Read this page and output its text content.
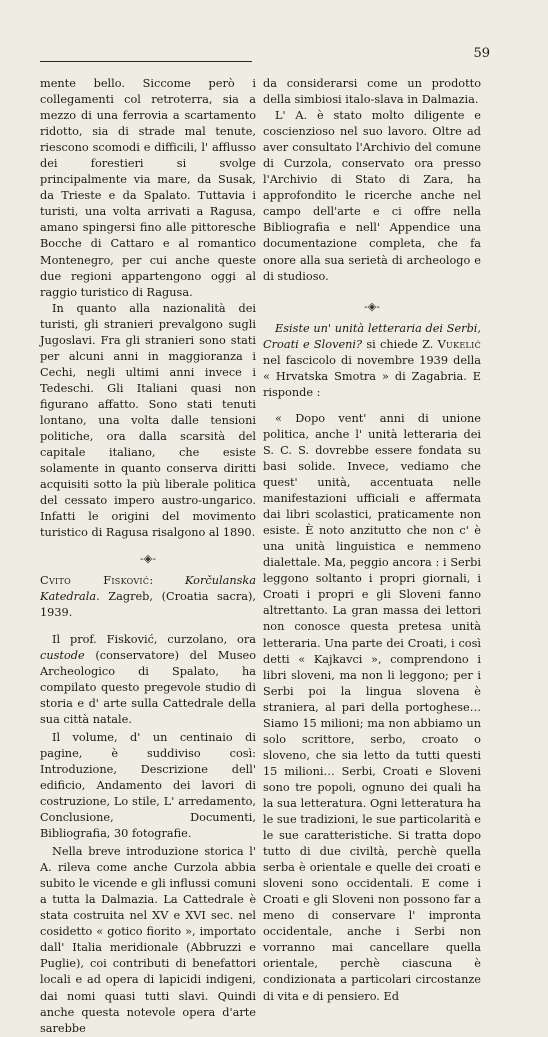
59

mente bello. Siccome però i collegamenti col retroterra, sia a mezzo di una ferrovia a scartamento ridotto, sia di strade mal tenute, riescono scomodi e difficili, l' afflusso dei forestieri si svolge principalmente via mare, da Susak, da Trieste e da Spalato. Tuttavia i turisti, una volta arrivati a Ragusa, amano spingersi fino alle pittoresche Bocche di Cattaro e al romantico Montenegro, per cui anche queste due regioni appartengono oggi al raggio turistico di Ragusa.

In quanto alla nazionalità dei turisti, gli stranieri prevalgono sugli Jugoslavi. Fra gli stranieri sono stati per alcuni anni in maggioranza i Cechi, negli ultimi anni invece i Tedeschi. Gli Italiani quasi non figurano affatto. Sono stati tenuti lontano, una volta dalle tensioni politiche, ora dalla scarsità del capitale italiano, che esiste solamente in quanto conserva diritti acquisiti sotto la più liberale politica del cessato impero austro-ungarico. Infatti le origini del movimento turistico di Ragusa risalgono al 1890.

-◈-

Cvito Fisković: Korčulanska Katedrala. Zagreb, (Croatia sacra), 1939.

Il prof. Fisković, curzolano, ora custode (conservatore) del Museo Archeologico di Spalato, ha compilato questo pregevole studio di storia e d' arte sulla Cattedrale della sua città natale.

Il volume, d' un centinaio di pagine, è suddiviso così: Introduzione, Descrizione dell' edificio, Andamento dei lavori di costruzione, Lo stile, L' arredamento, Conclusione, Documenti, Bibliografia, 30 fotografie.

Nella breve introduzione storica l' A. rileva come anche Curzola abbia subito le vicende e gli influssi comuni a tutta la Dalmazia. La Cattedrale è stata costruita nel XV e XVI sec. nel cosidetto « gotico fiorito », importato dall' Italia meridionale (Abbruzzi e Puglie), coi contributi di benefattori locali e ad opera di lapicidi indigeni, dai nomi quasi tutti slavi. Quindi anche questa notevole opera d'arte sarebbe

da considerarsi come un prodotto della simbiosi italo-slava in Dalmazia.

L' A. è stato molto diligente e coscienzioso nel suo lavoro. Oltre ad aver consultato l'Archivio del comune di Curzola, conservato ora presso l'Archivio di Stato di Zara, ha approfondito le ricerche anche nel campo dell'arte e ci offre nella Bibliografia e nell' Appendice una documentazione completa, che fa onore alla sua serietà di archeologo e di studioso.

-◈-

Esiste un' unità letteraria dei Serbi, Croati e Sloveni? si chiede Z. Vukelić nel fascicolo di novembre 1939 della « Hrvatska Smotra » di Zagabria. E risponde :

« Dopo vent' anni di unione politica, anche l' unità letteraria dei S. C. S. dovrebbe essere fondata su basi solide. Invece, vediamo che quest' unità, accentuata nelle manifestazioni ufficiali e affermata dai libri scolastici, praticamente non esiste. È noto anzitutto che non c' è una unità linguistica e nemmeno dialettale. Ma, peggio ancora : i Serbi leggono soltanto i propri giornali, i Croati i propri e gli Sloveni fanno altrettanto. La gran massa dei lettori non conosce questa pretesa unità letteraria. Una parte dei Croati, i così detti « Kajkavci », comprendono i libri sloveni, ma non li leggono; per i Serbi poi la lingua slovena è straniera, al pari della portoghese… Siamo 15 milioni; ma non abbiamo un solo scrittore, serbo, croato o sloveno, che sia letto da tutti questi 15 milioni… Serbi, Croati e Sloveni sono tre popoli, ognuno dei quali ha la sua letteratura. Ogni letteratura ha le sue tradizioni, le sue particolarità e le sue caratteristiche. Si tratta dopo tutto di due civiltà, perchè quella serba è orientale e quelle dei croati e sloveni sono occidentali. E come i Croati e gli Sloveni non possono far a meno di conservare l' impronta occidentale, anche i Serbi non vorranno mai cancellare quella orientale, perchè ciascuna è condizionata a particolari circostanze di vita e di pensiero. Ed
